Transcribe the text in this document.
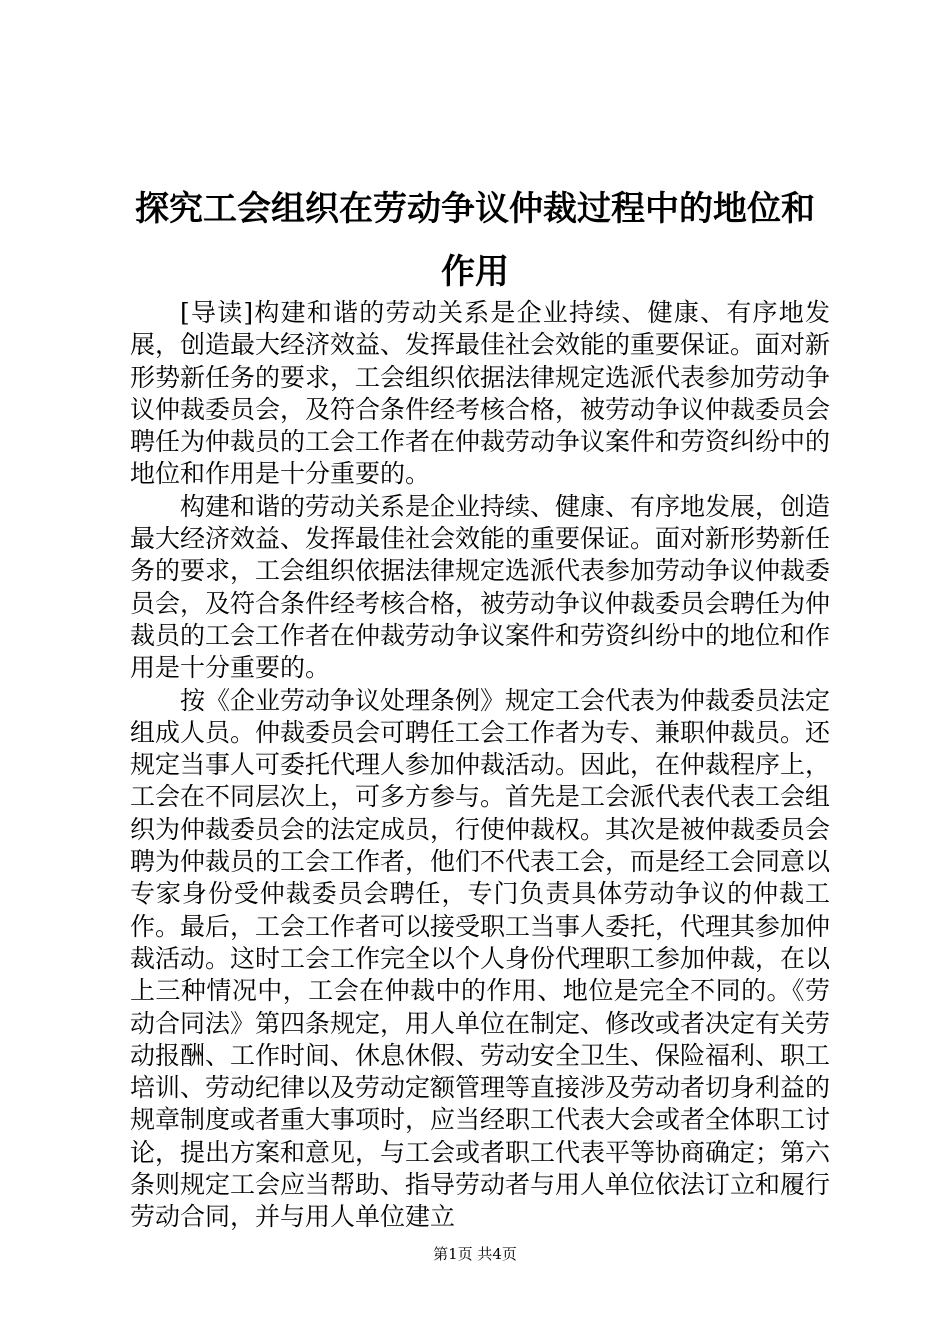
探究工会组织在劳动争议仲裁过程中的地位和作用

[导读]构建和谐的劳动关系是企业持续、健康、有序地发展，创造最大经济效益、发挥最佳社会效能的重要保证。面对新形势新任务的要求，工会组织依据法律规定选派代表参加劳动争议仲裁委员会，及符合条件经考核合格，被劳动争议仲裁委员会聘任为仲裁员的工会工作者在仲裁劳动争议案件和劳资纠纷中的地位和作用是十分重要的。

构建和谐的劳动关系是企业持续、健康、有序地发展，创造最大经济效益、发挥最佳社会效能的重要保证。面对新形势新任务的要求，工会组织依据法律规定选派代表参加劳动争议仲裁委员会，及符合条件经考核合格，被劳动争议仲裁委员会聘任为仲裁员的工会工作者在仲裁劳动争议案件和劳资纠纷中的地位和作用是十分重要的。

按《企业劳动争议处理条例》规定工会代表为仲裁委员法定组成人员。仲裁委员会可聘任工会工作者为专、兼职仲裁员。还规定当事人可委托代理人参加仲裁活动。因此，在仲裁程序上，工会在不同层次上，可多方参与。首先是工会派代表代表工会组织为仲裁委员会的法定成员，行使仲裁权。其次是被仲裁委员会聘为仲裁员的工会工作者，他们不代表工会，而是经工会同意以专家身份受仲裁委员会聘任，专门负责具体劳动争议的仲裁工作。最后，工会工作者可以接受职工当事人委托，代理其参加仲裁活动。这时工会工作完全以个人身份代理职工参加仲裁，在以上三种情况中，工会在仲裁中的作用、地位是完全不同的。《劳动合同法》第四条规定，用人单位在制定、修改或者决定有关劳动报酬、工作时间、休息休假、劳动安全卫生、保险福利、职工培训、劳动纪律以及劳动定额管理等直接涉及劳动者切身利益的规章制度或者重大事项时，应当经职工代表大会或者全体职工讨论，提出方案和意见，与工会或者职工代表平等协商确定；第六条则规定工会应当帮助、指导劳动者与用人单位依法订立和履行劳动合同，并与用人单位建立

第1页 共4页
